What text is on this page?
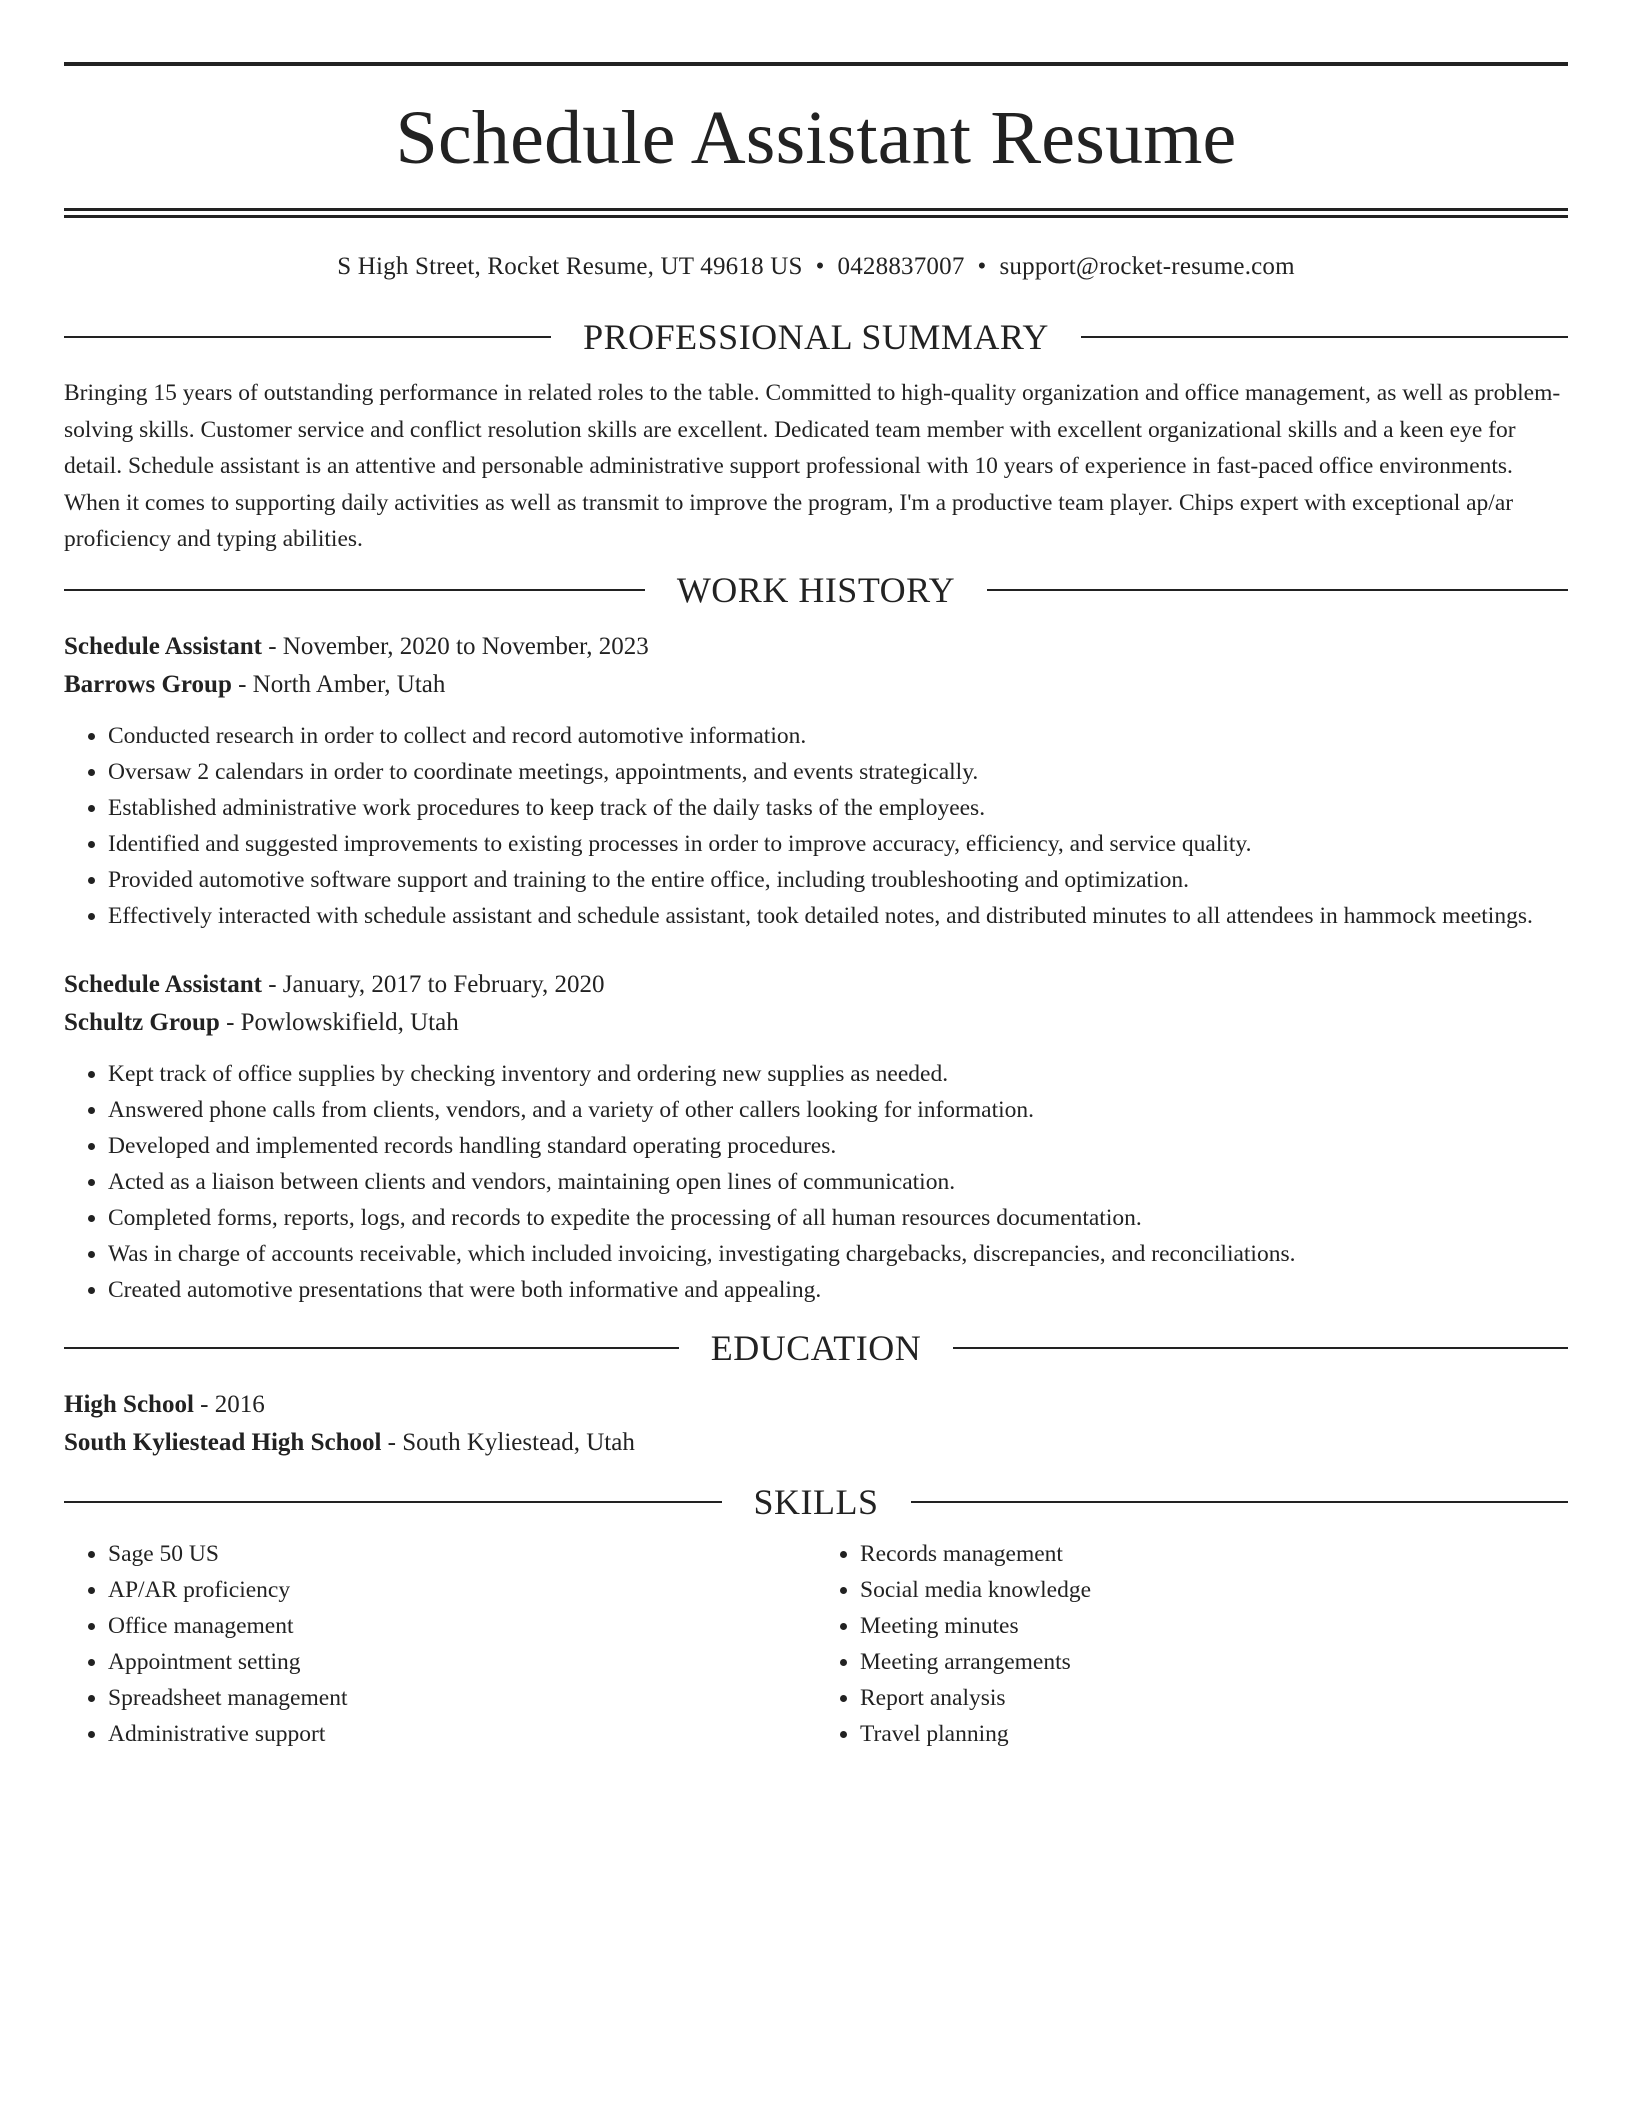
Schedule Assistant Resume
S High Street, Rocket Resume, UT 49618 US • 0428837007 • support@rocket-resume.com
PROFESSIONAL SUMMARY

Bringing 15 years of outstanding performance in related roles to the table. Committed to high-quality organization and office management, as well as problem-solving skills. Customer service and conflict resolution skills are excellent. Dedicated team member with excellent organizational skills and a keen eye for detail. Schedule assistant is an attentive and personable administrative support professional with 10 years of experience in fast-paced office environments. When it comes to supporting daily activities as well as transmit to improve the program, I'm a productive team player. Chips expert with exceptional ap/ar proficiency and typing abilities.

WORK HISTORY

Schedule Assistant - November, 2020 to November, 2023

Barrows Group - North Amber, Utah

• Conducted research in order to collect and record automotive information.
• Oversaw 2 calendars in order to coordinate meetings, appointments, and events strategically.
• Established administrative work procedures to keep track of the daily tasks of the employees.
• Identified and suggested improvements to existing processes in order to improve accuracy, efficiency, and service quality.
• Provided automotive software support and training to the entire office, including troubleshooting and optimization.
• Effectively interacted with schedule assistant and schedule assistant, took detailed notes, and distributed minutes to all attendees in hammock meetings.

Schedule Assistant - January, 2017 to February, 2020

Schultz Group - Powlowskifield, Utah

• Kept track of office supplies by checking inventory and ordering new supplies as needed.
• Answered phone calls from clients, vendors, and a variety of other callers looking for information.
• Developed and implemented records handling standard operating procedures.
• Acted as a liaison between clients and vendors, maintaining open lines of communication.
• Completed forms, reports, logs, and records to expedite the processing of all human resources documentation.
• Was in charge of accounts receivable, which included invoicing, investigating chargebacks, discrepancies, and reconciliations.
• Created automotive presentations that were both informative and appealing.
EDUCATION

High School - 2016

South Kyliestead High School - South Kyliestead, Utah

SKILLS
• Sage 50 US
• AP/AR proficiency
• Office management
• Appointment setting
• Spreadsheet management
• Administrative support
• Records management
• Social media knowledge
• Meeting minutes
• Meeting arrangements
• Report analysis
• Travel planning
